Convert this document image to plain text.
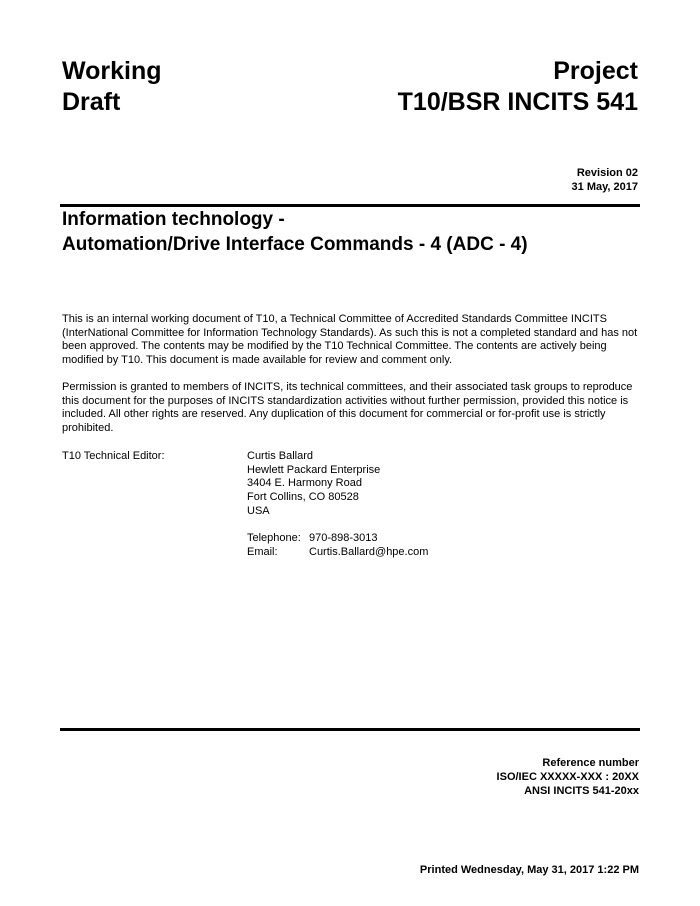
Working
Draft
Project
T10/BSR INCITS 541
Revision 02
31 May, 2017
Information technology -
Automation/Drive Interface Commands - 4 (ADC - 4)
This is an internal working document of T10, a Technical Committee of Accredited Standards Committee INCITS (InterNational Committee for Information Technology Standards). As such this is not a completed standard and has not been approved. The contents may be modified by the T10 Technical Committee. The contents are actively being modified by T10. This document is made available for review and comment only.
Permission is granted to members of INCITS, its technical committees, and their associated task groups to reproduce this document for the purposes of INCITS standardization activities without further permission, provided this notice is included. All other rights are reserved. Any duplication of this document for commercial or for-profit use is strictly prohibited.
T10 Technical Editor:	Curtis Ballard
Hewlett Packard Enterprise
3404 E. Harmony Road
Fort Collins, CO 80528
USA
Telephone: 970-898-3013
Email:	Curtis.Ballard@hpe.com
Reference number
ISO/IEC XXXXX-XXX : 20XX
ANSI INCITS 541-20xx
Printed Wednesday, May 31, 2017 1:22 PM
